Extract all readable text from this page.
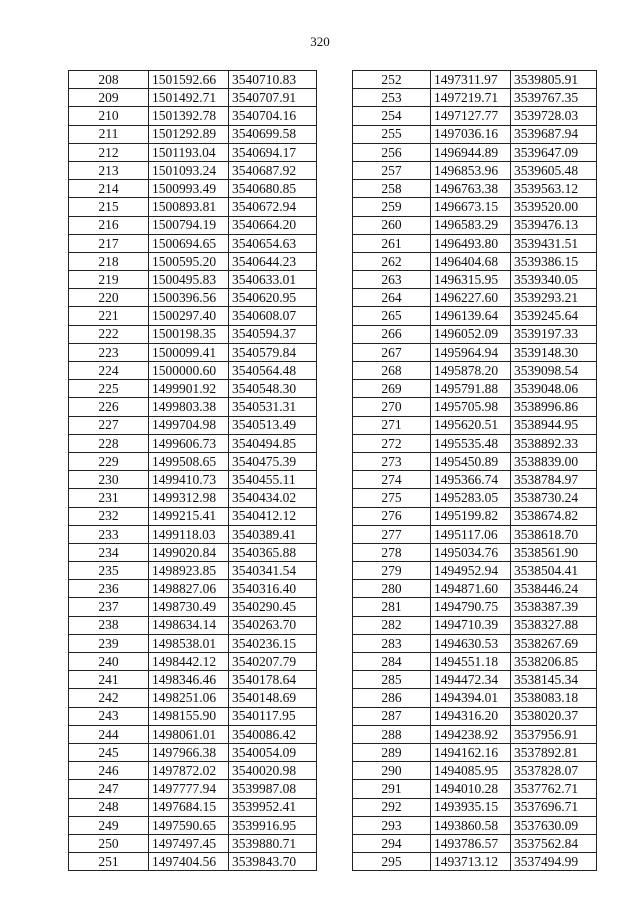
320
208	1501592.66	3540710.83
209	1501492.71	3540707.91
210	1501392.78	3540704.16
211	1501292.89	3540699.58
212	1501193.04	3540694.17
213	1501093.24	3540687.92
214	1500993.49	3540680.85
215	1500893.81	3540672.94
216	1500794.19	3540664.20
217	1500694.65	3540654.63
218	1500595.20	3540644.23
219	1500495.83	3540633.01
220	1500396.56	3540620.95
221	1500297.40	3540608.07
222	1500198.35	3540594.37
223	1500099.41	3540579.84
224	1500000.60	3540564.48
225	1499901.92	3540548.30
226	1499803.38	3540531.31
227	1499704.98	3540513.49
228	1499606.73	3540494.85
229	1499508.65	3540475.39
230	1499410.73	3540455.11
231	1499312.98	3540434.02
232	1499215.41	3540412.12
233	1499118.03	3540389.41
234	1499020.84	3540365.88
235	1498923.85	3540341.54
236	1498827.06	3540316.40
237	1498730.49	3540290.45
238	1498634.14	3540263.70
239	1498538.01	3540236.15
240	1498442.12	3540207.79
241	1498346.46	3540178.64
242	1498251.06	3540148.69
243	1498155.90	3540117.95
244	1498061.01	3540086.42
245	1497966.38	3540054.09
246	1497872.02	3540020.98
247	1497777.94	3539987.08
248	1497684.15	3539952.41
249	1497590.65	3539916.95
250	1497497.45	3539880.71
251	1497404.56	3539843.70
252	1497311.97	3539805.91
253	1497219.71	3539767.35
254	1497127.77	3539728.03
255	1497036.16	3539687.94
256	1496944.89	3539647.09
257	1496853.96	3539605.48
258	1496763.38	3539563.12
259	1496673.15	3539520.00
260	1496583.29	3539476.13
261	1496493.80	3539431.51
262	1496404.68	3539386.15
263	1496315.95	3539340.05
264	1496227.60	3539293.21
265	1496139.64	3539245.64
266	1496052.09	3539197.33
267	1495964.94	3539148.30
268	1495878.20	3539098.54
269	1495791.88	3539048.06
270	1495705.98	3538996.86
271	1495620.51	3538944.95
272	1495535.48	3538892.33
273	1495450.89	3538839.00
274	1495366.74	3538784.97
275	1495283.05	3538730.24
276	1495199.82	3538674.82
277	1495117.06	3538618.70
278	1495034.76	3538561.90
279	1494952.94	3538504.41
280	1494871.60	3538446.24
281	1494790.75	3538387.39
282	1494710.39	3538327.88
283	1494630.53	3538267.69
284	1494551.18	3538206.85
285	1494472.34	3538145.34
286	1494394.01	3538083.18
287	1494316.20	3538020.37
288	1494238.92	3537956.91
289	1494162.16	3537892.81
290	1494085.95	3537828.07
291	1494010.28	3537762.71
292	1493935.15	3537696.71
293	1493860.58	3537630.09
294	1493786.57	3537562.84
295	1493713.12	3537494.99
